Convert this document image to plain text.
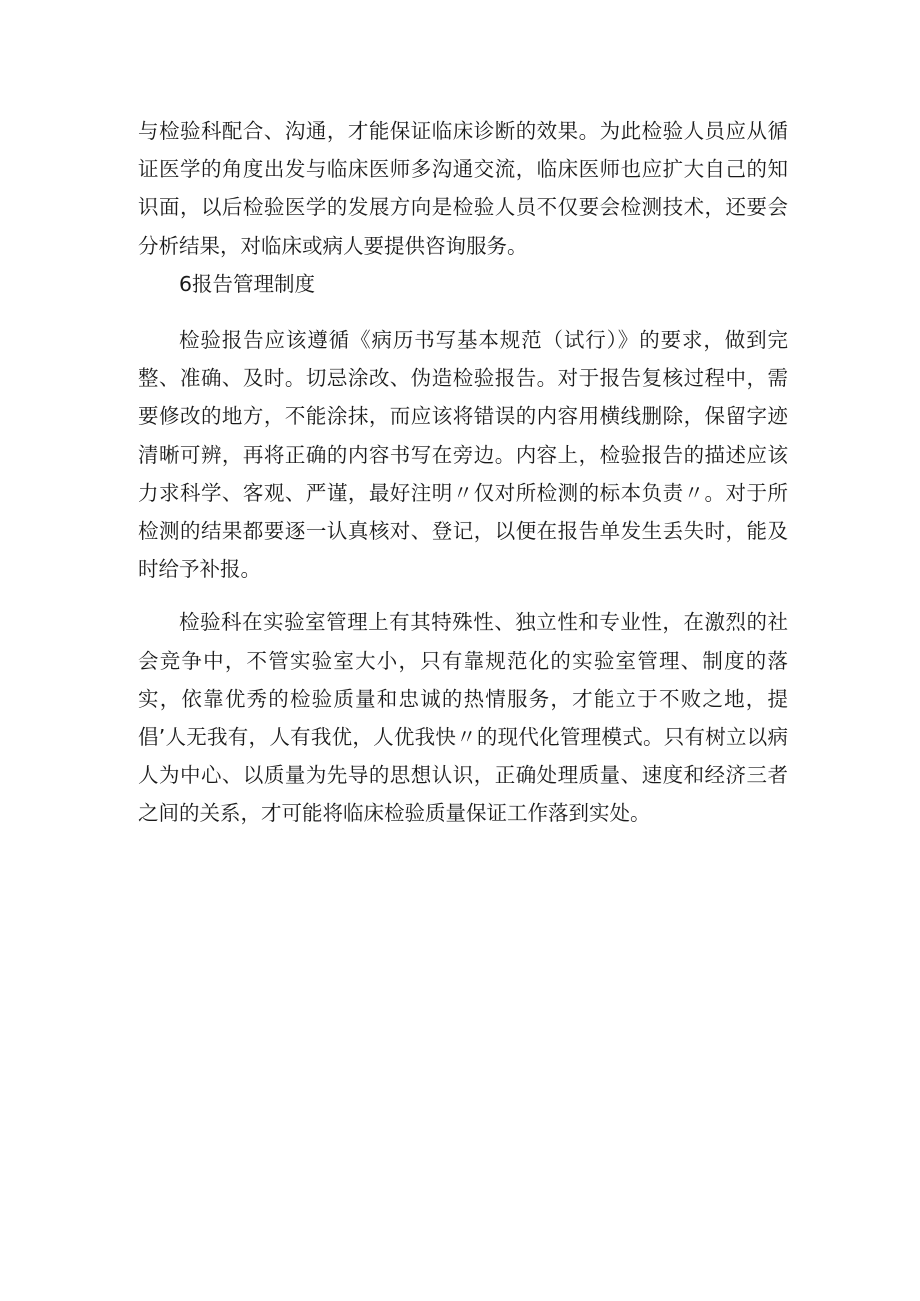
与检验科配合、沟通，才能保证临床诊断的效果。为此检验人员应从循证医学的角度出发与临床医师多沟通交流，临床医师也应扩大自己的知识面，以后检验医学的发展方向是检验人员不仅要会检测技术，还要会分析结果，对临床或病人要提供咨询服务。

6报告管理制度

检验报告应该遵循《病历书写基本规范（试行）》的要求，做到完整、准确、及时。切忌涂改、伪造检验报告。对于报告复核过程中，需要修改的地方，不能涂抹，而应该将错误的内容用横线删除，保留字迹清晰可辨，再将正确的内容书写在旁边。内容上，检验报告的描述应该力求科学、客观、严谨，最好注明〃仅对所检测的标本负责〃。对于所检测的结果都要逐一认真核对、登记，以便在报告单发生丢失时，能及时给予补报。

检验科在实验室管理上有其特殊性、独立性和专业性，在激烈的社会竞争中，不管实验室大小，只有靠规范化的实验室管理、制度的落实，依靠优秀的检验质量和忠诚的热情服务，才能立于不败之地，提倡’人无我有，人有我优，人优我快〃的现代化管理模式。只有树立以病人为中心、以质量为先导的思想认识，正确处理质量、速度和经济三者之间的关系，才可能将临床检验质量保证工作落到实处。
